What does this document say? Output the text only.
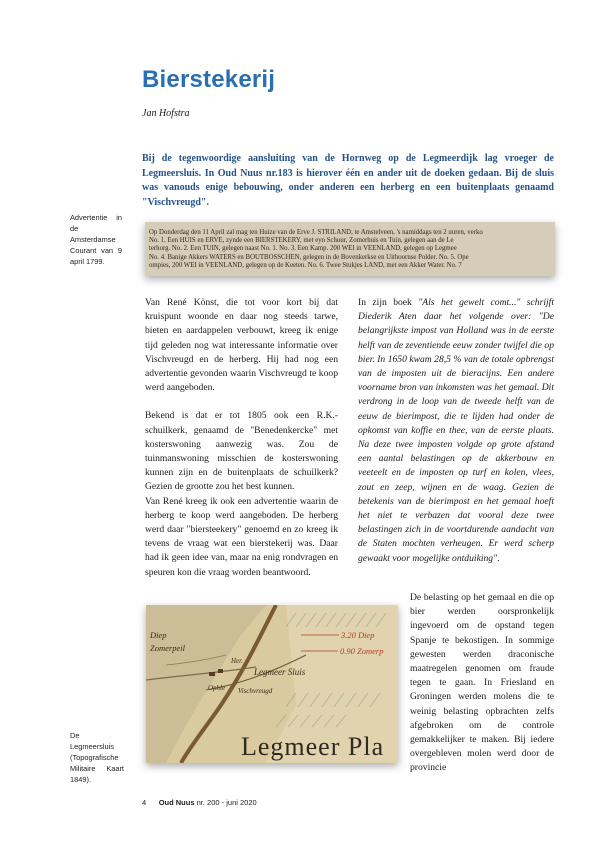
Bierstekerij
Jan Hofstra
Bij de tegenwoordige aansluiting van de Hornweg op de Legmeerdijk lag vroeger de Legmeersluis. In Oud Nuus nr.183 is hierover één en ander uit de doeken gedaan. Bij de sluis was vanouds enige bebouwing, onder anderen een herberg en een buitenplaats genaamd "Vischvreugd".
Advertentie in de Amsterdamse Courant van 9 april 1799.
Op Donderdag den 11 April zal mag ten Huize van de Erve J. STRILAND, te Amstelveen, 's namiddags ten 2 uuren, verko
No. 1. Een HUIS en ERVE, zynde een BIERSTEKERY, met eyn Schuur, Zomerhuis en Tuin, gelegen aan de Le
terhorg. No. 2. Een TUIN, gelegen naast No. 1. No. 3. Een Kamp. 200 WEI in VEENLAND, gelegen op Legmee
No. 4. Banige Akkers WATERS en BOUTBOSSCHEN, gelegen in de Bovenkerkse en Uithoornse Polder. No. 5. Ope
ompies, 200 WEI in VEENLAND, gelegen op de Keeten. No. 6. Twee Stukjes LAND, met een Akker Water. No. 7

Van René Könst, die tot voor kort bij dat kruispunt woonde en daar nog steeds tarwe, bieten en aardappelen verbouwt, kreeg ik enige tijd geleden nog wat interessante informatie over Vischvreugd en de herberg. Hij had nog een advertentie gevonden waarin Vischvreugd te koop werd aangeboden.

Bekend is dat er tot 1805 ook een R.K.-schuilkerk, genaamd de "Benedenkercke" met kosterswoning aanwezig was. Zou de tuinmanswoning misschien de kosterswoning kunnen zijn en de buitenplaats de schuilkerk? Gezien de grootte zou het best kunnen.

Van René kreeg ik ook een advertentie waarin de herberg te koop werd aangeboden. De herberg werd daar "biersteekery" genoemd en zo kreeg ik tevens de vraag wat een bierstekerij was. Daar had ik geen idee van, maar na enig rondvragen en speuren kon die vraag worden beantwoord.

In zijn boek "Als het gewelt comt..." schrijft Diederik Aten daar het volgende over: "De belangrijkste impost van Holland was in de eerste helft van de zeventiende eeuw zonder twijfel die op bier. In 1650 kwam 28,5 % van de totale opbrengst van de imposten uit de bieracijns. Een andere voorname bron van inkomsten was het gemaal. Dit verdrong in de loop van de tweede helft van de eeuw de bierimpost, die te lijden had onder de opkomst van koffie en thee, van de eerste plaats. Na deze twee imposten volgde op grote afstand een aantal belastingen op de akkerbouw en veeteelt en de imposten op turf en kolen, vlees, zout en zeep, wijnen en de waag. Gezien de betekenis van de bierimpost en het gemaal hoeft het niet te verbazen dat vooral deze twee belastingen zich in de voortdurende aandacht van de Staten mochten verheugen. Er werd scherp gewaakt voor mogelijke ontduiking".

De belasting op het gemaal en die op bier werden oorspronkelijk ingevoerd om de opstand tegen Spanje te bekostigen. In sommige gewesten werden draconische maatregelen genomen om fraude tegen te gaan. In Friesland en Groningen werden molens die te weinig belasting opbrachten zelfs afgebroken om de controle gemakkelijker te maken. Bij iedere overgebleven molen werd door de provincie
De Legmeersluis (Topografische Militaire Kaart 1849).
Diep
Zomerpeil
Her.
Ophle
Legmeer Sluis
Vischvreugd
3.20 Diep
0.90 Zomerp
Legmeer Pla
4 Oud Nuus nr. 200 - juni 2020
